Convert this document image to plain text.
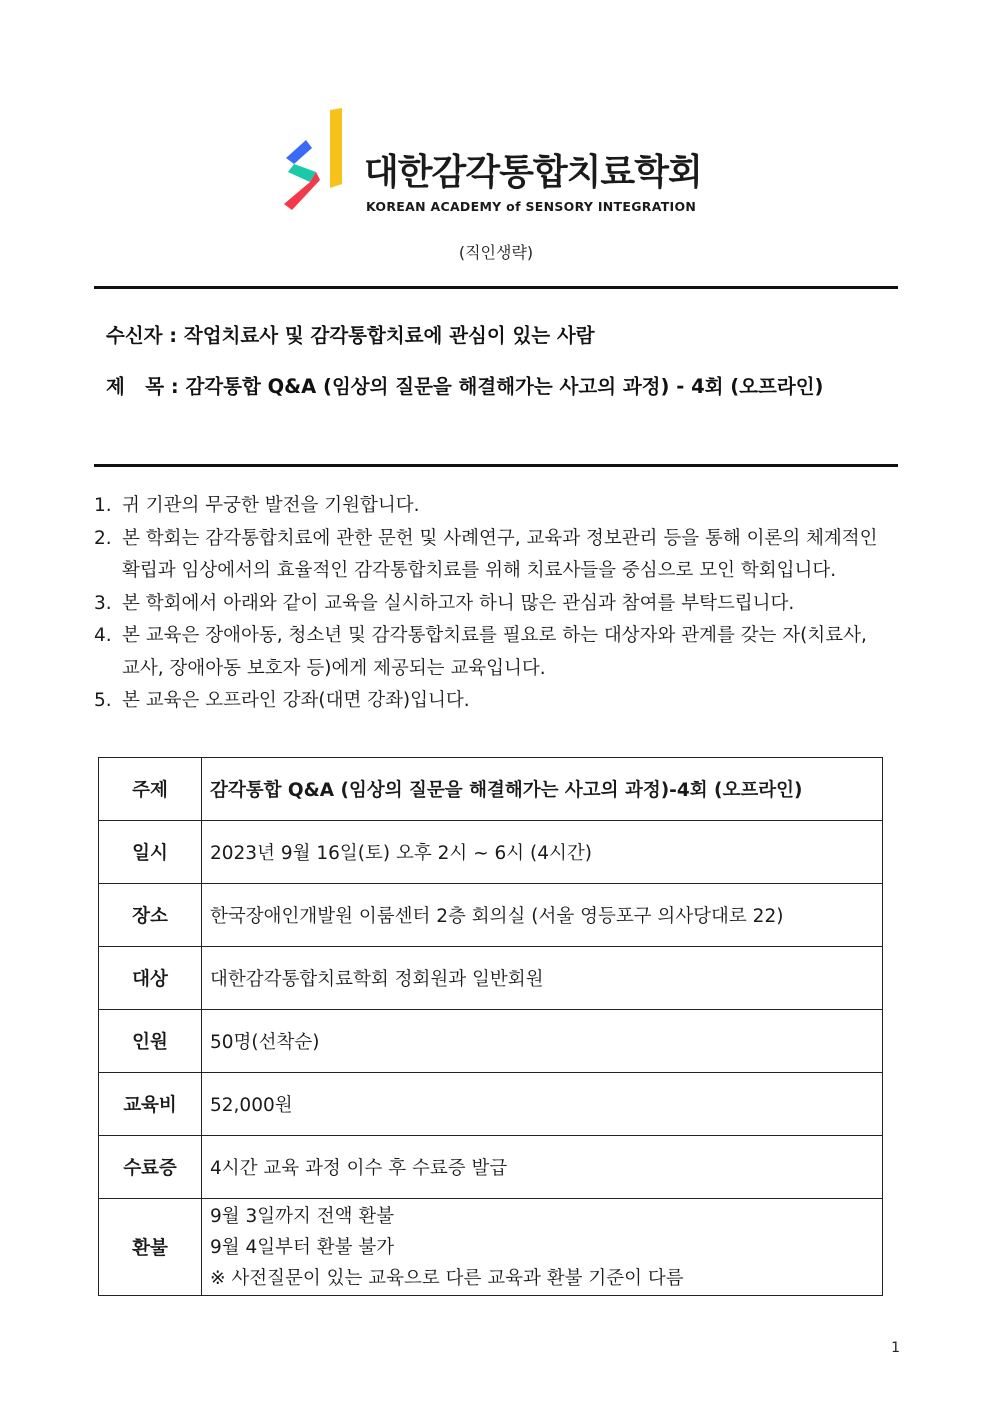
대한감각통합치료학회
KOREAN ACADEMY of SENSORY INTEGRATION
(직인생략)
수신자 : 작업치료사 및 감각통합치료에 관심이 있는 사람
제   목 : 감각통합 Q&A (임상의 질문을 해결해가는 사고의 과정) - 4회 (오프라인)
1. 귀 기관의 무궁한 발전을 기원합니다.
2. 본 학회는 감각통합치료에 관한 문헌 및 사례연구, 교육과 정보관리 등을 통해 이론의 체계적인 확립과 임상에서의 효율적인 감각통합치료를 위해 치료사들을 중심으로 모인 학회입니다.
3. 본 학회에서 아래와 같이 교육을 실시하고자 하니 많은 관심과 참여를 부탁드립니다.
4. 본 교육은 장애아동, 청소년 및 감각통합치료를 필요로 하는 대상자와 관계를 갖는 자(치료사, 교사, 장애아동 보호자 등)에게 제공되는 교육입니다.
5. 본 교육은 오프라인 강좌(대면 강좌)입니다.
주제	감각통합 Q&A (임상의 질문을 해결해가는 사고의 과정)-4회 (오프라인)
일시	2023년 9월 16일(토) 오후 2시 ~ 6시 (4시간)
장소	한국장애인개발원 이룸센터 2층 회의실 (서울 영등포구 의사당대로 22)
대상	대한감각통합치료학회 정회원과 일반회원
인원	50명(선착순)
교육비	52,000원
수료증	4시간 교육 과정 이수 후 수료증 발급
환불	9월 3일까지 전액 환불
9월 4일부터 환불 불가
※ 사전질문이 있는 교육으로 다른 교육과 환불 기준이 다름
1
